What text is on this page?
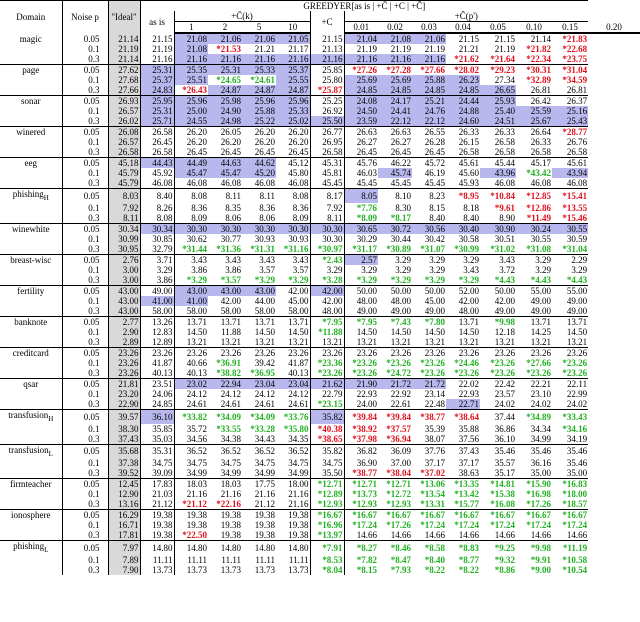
Domain	Noise p	"Ideal"	GREEDYER[as is | +C̄ | +C | +Ĉ]													
			as is	+C̄(k)				+C	+Ĉ(p')							
				1	2	5	10		0.01	0.02	0.03	0.04	0.05	0.10	0.15	0.20
magic	0.05	21.14	21.15	21.08	21.06	21.06	21.05	21.15	21.04	21.08	21.06	21.15	21.15	21.14	*21.83	
	0.1	21.19	21.19	21.08	*21.53	21.21	21.17	21.13	21.19	21.19	21.19	21.21	21.19	*21.82	*22.68	
	0.3	21.14	21.16	21.16	21.16	21.16	21.16	21.16	21.16	21.16	21.16	*21.62	*21.64	*22.34	*23.75	
page	0.05	27.62	25.31	25.35	25.31	25.33	25.37	25.85	*27.26	*27.28	*27.66	*28.02	*29.23	*30.31	*31.04	
	0.1	27.68	25.37	25.51	*24.65	*24.61	25.55	25.80	25.69	25.69	25.88	26.23	27.34	*32.89	*34.59	
	0.3	27.66	24.83	*26.43	24.87	24.87	24.87	*25.87	24.85	24.85	24.85	24.85	26.65	26.81	26.81	
sonar	0.05	26.93	25.95	25.96	25.98	25.96	25.96	25.25	24.08	24.17	25.21	24.44	25.93	26.42	26.37	
	0.1	26.57	25.31	25.00	24.90	25.88	25.33	26.92	24.50	24.41	24.76	24.88	25.40	25.59	25.16	
	0.3	26.02	25.71	24.55	24.98	25.22	25.02	25.50	23.59	22.12	22.12	24.60	24.51	25.67	25.43	
winered	0.05	26.08	26.58	26.20	26.05	26.20	26.20	26.77	26.63	26.63	26.55	26.33	26.33	26.64	*28.77	
	0.1	26.57	26.45	26.20	26.20	26.20	26.20	26.95	26.27	26.27	26.28	26.15	26.58	26.33	26.76	
	0.3	26.58	26.58	26.45	26.45	26.45	26.45	26.58	26.45	26.45	26.45	26.58	26.58	26.58	26.58	
eeg	0.05	45.18	44.43	44.49	44.63	44.62	45.12	45.31	45.76	46.22	45.72	45.61	45.44	45.17	45.61	
	0.1	45.79	45.92	45.47	45.47	45.20	45.80	45.81	46.03	45.74	46.19	45.60	43.96	*43.42	43.94	
	0.3	45.79	46.08	46.08	46.08	46.08	46.08	45.45	45.45	45.45	45.45	45.93	46.08	46.08	46.08	
phishing$_H$	0.05	8.03	8.40	8.08	8.11	8.11	8.08	8.17	8.05	8.10	8.23	*8.95	*10.84	*12.85	*15.41	
	0.1	7.92	8.26	8.36	8.35	8.36	8.36	7.92	*7.76	8.30	8.15	8.18	*9.61	*12.86	*13.55	
	0.3	8.11	8.08	8.09	8.06	8.06	8.09	8.11	*8.09	*8.17	8.40	8.40	8.90	*11.49	*15.46	
winewhite	0.05	30.34	30.34	30.30	30.30	30.30	30.30	30.30	30.65	30.72	30.56	30.40	30.90	30.24	30.55	
	0.1	30.99	30.85	30.62	30.77	30.93	30.93	30.30	30.29	30.44	30.42	30.58	30.51	30.55	30.59	
	0.3	30.95	32.79	*31.44	*31.36	*31.31	*31.16	*30.97	*31.17	*30.89	*31.07	*30.99	*31.02	*31.08	*31.04	
breast-wisc	0.05	2.76	3.71	3.43	3.43	3.43	3.43	*2.43	2.57	3.29	3.29	3.29	3.43	3.29	2.29	
	0.1	3.00	3.29	3.86	3.86	3.57	3.57	3.29	3.29	3.29	3.29	3.43	3.72	3.29	3.29	
	0.3	3.00	3.86	*3.29	*3.57	*3.29	*3.29	*3.28	*3.29	*3.29	*3.29	*3.29	*4.43	*4.43	*4.43	
fertility	0.05	43.00	49.00	43.00	43.00	43.00	42.00	42.00	50.00	50.00	50.00	52.00	50.00	55.00	55.00	
	0.1	43.00	41.00	41.00	42.00	44.00	45.00	42.00	48.00	48.00	45.00	42.00	42.00	49.00	49.00	
	0.3	43.00	58.00	58.00	58.00	58.00	58.00	48.00	49.00	49.00	49.00	48.00	49.00	49.00	49.00	
banknote	0.05	2.77	13.26	13.71	13.71	13.71	13.71	*7.95	*7.95	*7.43	*7.80	13.71	*9.98	13.71	13.71	
	0.1	2.90	12.83	14.50	11.88	14.50	14.50	*11.88	14.50	14.50	14.50	14.50	12.18	14.25	14.50	
	0.3	2.89	12.89	13.21	13.21	13.21	13.21	13.21	13.21	13.21	13.21	13.21	13.21	13.21	13.21	
creditcard	0.05	23.26	23.26	23.26	23.26	23.26	23.26	23.26	23.26	23.26	23.26	23.26	23.26	23.26	23.26	
	0.1	23.26	41.87	40.66	*36.91	39.42	41.87	*23.36	*23.26	*23.26	*23.26	*24.46	*23.26	*27.66	*23.26	
	0.3	23.26	40.13	40.13	*38.82	*36.95	40.13	*23.26	*23.26	*24.72	*23.26	*23.26	*23.26	*23.26	*23.26	
qsar	0.05	21.81	23.51	23.02	22.94	23.04	23.04	21.62	21.90	21.72	21.72	22.02	22.42	22.21	22.11	
	0.1	23.20	24.06	24.12	24.12	24.12	24.12	22.79	22.93	22.92	23.14	22.93	23.57	23.10	22.99	
	0.3	22.90	24.85	24.61	24.61	24.61	24.61	*23.15	24.00	22.61	22.48	22.71	24.02	24.02	24.02	
transfusion$_H$	0.05	39.57	36.10	*33.82	*34.09	*34.09	*33.76	35.82	*39.84	*39.84	*38.77	*38.64	37.44	*34.89	*33.43	
	0.1	38.30	35.85	35.72	*33.55	*33.28	*35.80	*40.38	*38.92	*37.57	35.39	35.88	36.86	34.34	*34.16	
	0.3	37.43	35.03	34.56	34.38	34.43	34.35	*38.65	*37.98	*36.94	38.07	37.56	36.10	34.99	34.19	
transfusion$_L$	0.05	35.68	35.31	36.52	36.52	36.52	36.52	35.82	36.82	36.09	37.76	37.43	35.46	35.46	35.46	
	0.1	37.38	34.75	34.75	34.75	34.75	34.75	34.75	36.90	37.00	37.17	37.17	35.57	36.16	35.46	
	0.3	39.52	39.09	34.99	34.99	34.99	34.99	35.50	*38.77	*38.04	*37.02	38.63	35.17	35.00	35.00	
firmteacher	0.05	12.45	17.83	18.03	18.03	17.75	18.00	*12.71	*12.71	*12.71	*13.06	*13.35	*14.81	*15.90	*16.83	
	0.1	12.90	21.03	21.16	21.16	21.16	21.16	*12.89	*13.73	*12.72	*13.54	*13.42	*15.38	*16.98	*18.00	
	0.3	13.16	21.12	*21.12	*22.16	21.12	21.16	*12.93	*12.93	*12.93	*13.31	*15.77	*16.08	*17.26	*18.57	
ionosphere	0.05	16.29	19.38	19.38	19.38	19.38	19.38	*16.67	*16.67	*16.67	*16.67	*16.67	*16.67	*16.67	*16.67	
	0.1	16.71	19.38	19.38	19.38	19.38	19.38	*16.96	*17.24	*17.26	*17.24	*17.24	*17.24	*17.24	*17.24	
	0.3	17.81	19.38	*22.50	19.38	19.38	19.38	*13.97	14.66	14.66	14.66	14.66	14.66	14.66	14.66	
phishing$_L$	0.05	7.97	14.80	14.80	14.80	14.80	14.80	*7.91	*8.27	*8.46	*8.58	*8.83	*9.25	*9.98	*11.19	
	0.1	7.89	11.11	11.11	11.11	11.11	11.11	*8.53	*7.82	*8.47	*8.40	*8.77	*9.32	*9.91	*10.58	
	0.3	7.90	13.73	13.73	13.73	13.73	13.73	*8.04	*8.15	*7.93	*8.22	*8.22	*8.86	*9.00	*10.54	
